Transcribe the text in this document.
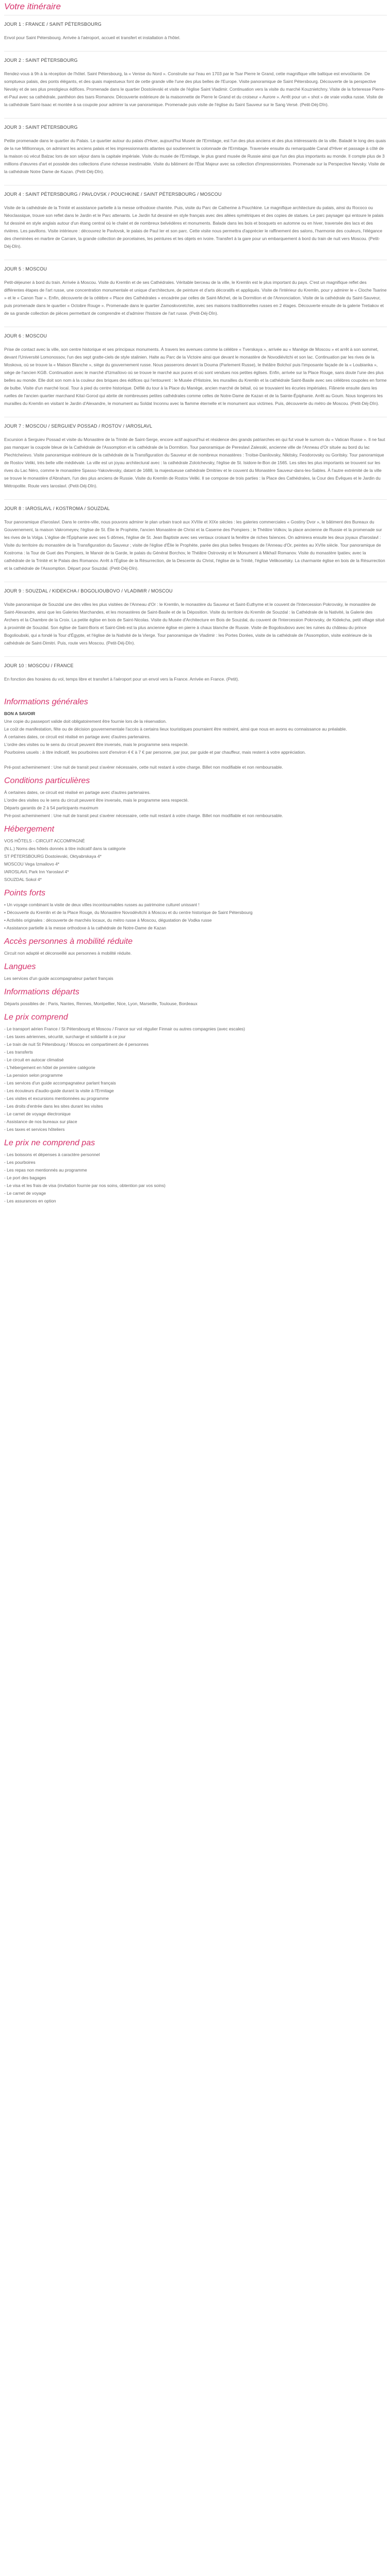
Votre itinéraire
JOUR 1 : FRANCE / SAINT PÉTERSBOURG

Envol pour Saint Pétersbourg. Arrivée à l'aéroport, accueil et transfert et installation à l'hôtel.

JOUR 2 : SAINT PÉTERSBOURG

Rendez-vous à 9h à la réception de l'hôtel. Saint Pétersbourg, la « Venise du Nord ». Construite sur l'eau en 1703 par le Tsar Pierre le Grand, cette magnifique ville baltique est envoûtante. De somptueux palais, des ponts élégants, et des quais majestueux font de cette grande ville l'une des plus belles de l'Europe. Visite panoramique de Saint Pétersbourg. Découverte de la perspective Nevsky et de ses plus prestigieux édifices. Promenade dans le quartier Dostoïevski et visite de l'église Saint Vladimir. Continuation vers la visite du marché Kouznietchny. Visite de la forteresse Pierre-et-Paul avec sa cathédrale, panthéon des tsars Romanov. Découverte extérieure de la maisonnette de Pierre le Grand et du croiseur « Aurore ». Arrêt pour un « shot » de vraie vodka russe. Visite de la cathédrale Saint-Isaac et montée à sa coupole pour admirer la vue panoramique. Promenade puis visite de l'église du Saint Sauveur sur le Sang Versé. (Petit-Déj-Dîn).

JOUR 3 : SAINT PÉTERSBOURG

Petite promenade dans le quartier du Palais. Le quartier autour du palais d'Hiver, aujourd'hui Musée de l'Ermitage, est l'un des plus anciens et des plus intéressants de la ville. Baladé le long des quais de la rue Millionnaya, on admirant les anciens palais et les impressionnants atlantes qui soutiennent la colonnade de l'Ermitage. Traversée ensuite du remarquable Canal d'Hiver et passage à côté de la maison où vécut Balzac lors de son séjour dans la capitale impériale. Visite du musée de l'Ermitage, le plus grand musée de Russie ainsi que l'un des plus importants au monde. Il compte plus de 3 millions d'œuvres d'art et possède des collections d'une richesse inestimable. Visite du bâtiment de l'État Majeur avec sa collection d'impressionnistes. Promenade sur la Perspective Nevsky. Visite de la cathédrale Notre Dame de Kazan. (Petit-Déj-Dîn).

JOUR 4 : SAINT PÉTERSBOURG / PAVLOVSK / POUCHKINE / SAINT PÉTERSBOURG / MOSCOU

Visite de la cathédrale de la Trinité et assistance partielle à la messe orthodoxe chantée. Puis, visite du Parc de Catherine à Pouchkine. Le magnifique architecture du palais, ainsi du Rococo ou Néoclassique, trouve son reflet dans le Jardin et le Parc attenants. Le Jardin fut dessiné en style français avec des allées symétriques et des copies de statues. Le parc paysager qui entoure le palais fut dessiné en style anglais autour d'un étang central où le chalet et de nombreux belvédères et monuments. Balade dans les bois et bosquets en automne ou en hiver, traversée des lacs et des rivières. Les pavillons. Visite intérieure : découvrez le Pavlovsk, le palais de Paul Ier et son parc. Cette visite nous permettra d'apprécier le raffinement des salons, l'harmonie des couleurs, l'élégance des cheminées en marbre de Carrare, la grande collection de porcelaines, les peintures et les objets en ivoire. Transfert à la gare pour un embarquement à bord du train de nuit vers Moscou. (Petit-Déj-Dîn).

JOUR 5 : MOSCOU

Petit-déjeuner à bord du train. Arrivée à Moscou. Visite du Kremlin et de ses Cathédrales. Véritable berceau de la ville, le Kremlin est le plus important du pays. C'est un magnifique reflet des différentes étapes de l'art russe, une concentration monumentale et unique d'architecture, de peinture et d'arts décoratifs et appliqués. Visite de l'intérieur du Kremlin, pour y admirer le « Cloche Tsarine » et le « Canon Tsar ». Enfin, découverte de la célèbre « Place des Cathédrales » encadrée par celles de Saint-Michel, de la Dormition et de l'Annonciation. Visite de la cathédrale du Saint-Sauveur, puis promenade dans le quartier « Octobre Rouge ». Promenade dans le quartier Zamoskvoretchie, avec ses maisons traditionnelles russes en 2 étages. Découverte ensuite de la galerie Tretiakov et de sa grande collection de pièces permettant de comprendre et d'admirer l'histoire de l'art russe. (Petit-Déj-Dîn).

JOUR 6 : MOSCOU

Prise de contact avec la ville, son centre historique et ses principaux monuments. À travers les avenues comme la célèbre « Tverskaya », arrivée au « Manège de Moscou » et arrêt à son sommet, devant l'Université Lomonossov, l'un des sept gratte-ciels de style stalinien. Halte au Parc de la Victoire ainsi que devant le monastère de Novodiévitchi et son lac. Continuation par les rives de la Moskova, où se trouve la « Maison Blanche », siège du gouvernement russe. Nous passerons devant la Douma (Parlement Russe), le théâtre Bolchoï puis l'imposante façade de la « Loubianka », siège de l'ancien KGB. Continuation avec le marché d'Izmaïlovo où se trouve le marché aux puces et où sont vendues nos petites églises. Enfin, arrivée sur la Place Rouge, sans doute l'une des plus belles au monde. Elle doit son nom à la couleur des briques des édifices qui l'entourent : le Musée d'Histoire, les murailles du Kremlin et la cathédrale Saint-Basile avec ses célèbres coupoles en forme de bulbe. Visite d'un marché local. Tour à pied du centre historique. Défilé du tour à la Place du Manège, ancien marché de bétail, où se trouvaient les écuries impériales. Flânerie ensuite dans les ruelles de l'ancien quartier marchand Kitaï-Gorod qui abrite de nombreuses petites cathédrales comme celles de Notre-Dame de Kazan et de la Sainte-Épiphanie. Arrêt au Goum. Nous longerons les murailles du Kremlin en visitant le Jardin d'Alexandre, le monument au Soldat Inconnu avec la flamme éternelle et le monument aux victimes. Puis, découverte du métro de Moscou. (Petit-Déj-Dîn).

JOUR 7 : MOSCOU / SERGUIEV POSSAD / ROSTOV / IAROSLAVL

Excursion à Serguiev Possad et visite du Monastère de la Trinité de Saint-Serge, encore actif aujourd'hui et résidence des grands patriarches en qui fut voué le surnom du « Vatican Russe ». Il ne faut pas manquer la coupole bleue de la Cathédrale de l'Assomption et la cathédrale de la Dormition. Tour panoramique de Pereslavl Zalesski, ancienne ville de l'Anneau d'Or située au bord du lac Plechtcheïevo. Visite panoramique extérieure de la cathédrale de la Transfiguration du Sauveur et de nombreux monastères : Troitse-Danilovsky, Nikitsky, Feodorovsky ou Goritsky. Tour panoramique de Rostov Veliki, très belle ville médiévale. La ville est un joyau architectural avec : la cathédrale Zolotchevsky, l'église de St. Isidore-le-Bon de 1565. Les sites les plus importants se trouvent sur les rives du Lac Néro, comme le monastère Spasso-Yakovlevsky, datant de 1688, la majestueuse cathédrale Dmitriev et le couvent du Monastère Sauveur-dans-les-Sables. À l'autre extrémité de la ville se trouve le monastère d'Abraham, l'un des plus anciens de Russie. Visite du Kremlin de Rostov Veliki. Il se compose de trois parties : la Place des Cathédrales, la Cour des Évêques et le Jardin du Métropolite. Route vers Iaroslavl. (Petit-Déj-Dîn).

JOUR 8 : IAROSLAVL / KOSTROMA / SOUZDAL

Tour panoramique d'Iaroslavl. Dans le centre-ville, nous pouvons admirer le plan urbain tracé aux XVIIIe et XIXe siècles : les galeries commerciales « Gostiny Dvor », le bâtiment des Bureaux du Gouvernement, la maison Vakromeyev, l'église de St. Élie le Prophète, l'ancien Monastère de Christ et la Caserne des Pompiers ; le Théâtre Volkov, la place ancienne de Russie et la promenade sur les rives de la Volga. L'église de l'Épiphanie avec ses 5 dômes, l'église de St. Jean Baptiste avec ses ventaux croisant la fenêtre de riches faïences. On admirera ensuite les deux joyaux d'Iaroslavl : Visite du territoire du monastère de la Transfiguration du Sauveur ; visite de l'église d'Élie le Prophète, parée des plus belles fresques de l'Anneau d'Or, peintes au XVIIe siècle. Tour panoramique de Kostroma : la Tour de Guet des Pompiers, le Manoir de la Garde, le palais du Général Borchov, le Théâtre Ostrovsky et le Monument à Mikhaïl Romanov. Visite du monastère Ipatiev, avec la cathédrale de la Trinité et le Palais des Romanov. Arrêt à l'Église de la Résurrection, de la Descente du Christ, l'église de la Trinité, l'église Velikoselsky. La charmante église en bois de la Résurrection et la cathédrale de l'Assomption. Départ pour Souzdal. (Petit-Déj-Dîn).

JOUR 9 : SOUZDAL / KIDEKCHA / BOGOLIOUBOVO / VLADIMIR / MOSCOU

Visite panoramique de Souzdal une des villes les plus visitées de l'Anneau d'Or : le Kremlin, le monastère du Sauveur et Saint-Euthyme et le couvent de l'Intercession Pokrovsky, le monastère de Saint-Alexandre, ainsi que les Galeries Marchandes, et les monastères de Saint-Basile et de la Déposition. Visite du territoire du Kremlin de Souzdal : la Cathédrale de la Nativité, la Galerie des Archers et la Chambre de la Croix. La petite église en bois de Saint-Nicolas. Visite du Musée d'Architecture en Bois de Souzdal, du couvent de l'Intercession Pokrovsky, de Kidekcha, petit village situé à proximité de Souzdal. Son église de Saint-Boris et Saint-Gleb est la plus ancienne église en pierre à chaux blanche de Russie. Visite de Bogolioubovo avec les ruines du château du prince Bogolioubski, qui a fondé la Tour d'Égypte, et l'église de la Nativité de la Vierge. Tour panoramique de Vladimir : les Portes Dorées, visite de la cathédrale de l'Assomption, visite extérieure de la cathédrale de Saint-Dimitri. Puis, route vers Moscou. (Petit-Déj-Dîn).

JOUR 10 : MOSCOU / FRANCE

En fonction des horaires du vol, temps libre et transfert à l'aéroport pour un envol vers la France. Arrivée en France. (Petit).

Informations générales

BON A SAVOIR

Une copie du passeport valide doit obligatoirement être fournie lors de la réservation.

Le coût de manifestation, fête ou de décision gouvernementale l'accès à certains lieux touristiques pourraient être restreint, ainsi que nous en avons eu connaissance au préalable.

À certaines dates, ce circuit est réalisé en partage avec d'autres partenaires.

L'ordre des visites ou le sens du circuit peuvent être inversés, mais le programme sera respecté.

Pourboires usuels : à titre indicatif, les pourboires sont d'environ 4 € à 7 € par personne, par jour, par guide et par chauffeur, mais restent à votre appréciation.

Pré-post acheminement : Une nuit de transit peut s'avérer nécessaire, cette nuit restant à votre charge. Billet non modifiable et non remboursable.

Conditions particulières

À certaines dates, ce circuit est réalisé en partage avec d'autres partenaires.

L'ordre des visites ou le sens du circuit peuvent être inversés, mais le programme sera respecté.

Départs garantis de 2 à 54 participants maximum

Pré-post acheminement : Une nuit de transit peut s'avérer nécessaire, cette nuit restant à votre charge. Billet non modifiable et non remboursable.

Hébergement

VOS HÔTELS - CIRCUIT ACCOMPAGNÉ

(N.L.) Noms des hôtels donnés à titre indicatif dans la catégorie

ST PÉTERSBOURG Dostoïevski, Oktyabrskaya 4*

MOSCOU Vega Izmailovo 4*

IAROSLAVL Park Inn Yaroslavl 4*

SOUZDAL Sokol 4*

Points forts

• Un voyage combinant la visite de deux villes incontournables russes au patrimoine culturel unissant !

• Découverte du Kremlin et de la Place Rouge, du Monastère Novodévitchi à Moscou et du centre historique de Saint Pétersbourg

• Activités originales : découverte de marchés locaux, du métro russe à Moscou, dégustation de Vodka russe

• Assistance partielle à la messe orthodoxe à la cathédrale de Notre-Dame de Kazan

Accès personnes à mobilité réduite

Circuit non adapté et déconseillé aux personnes à mobilité réduite.

Langues

Les services d'un guide accompagnateur parlant français

Informations départs

Départs possibles de : Paris, Nantes, Rennes, Montpellier, Nice, Lyon, Marseille, Toulouse, Bordeaux

Le prix comprend

- Le transport aérien France / St Pétersbourg et Moscou / France sur vol régulier Finnair ou autres compagnies (avec escales)

- Les taxes aériennes, sécurité, surcharge et solidarité à ce jour

- Le train de nuit St Pétersbourg / Moscou en compartiment de 4 personnes

- Les transferts

- Le circuit en autocar climatisé

- L'hébergement en hôtel de première catégorie

- La pension selon programme

- Les services d'un guide accompagnateur parlant français

- Les écouteurs d'audio-guide durant la visite à l'Ermitage

- Les visites et excursions mentionnées au programme

- Les droits d'entrée dans les sites durant les visites

- Le carnet de voyage électronique

- Assistance de nos bureaux sur place

- Les taxes et services hôteliers

Le prix ne comprend pas

- Les boissons et dépenses à caractère personnel

- Les pourboires

- Les repas non mentionnés au programme

- Le port des bagages

- Le visa et les frais de visa (invitation fournie par nos soins, obtention par vos soins)

- Le carnet de voyage

- Les assurances en option
